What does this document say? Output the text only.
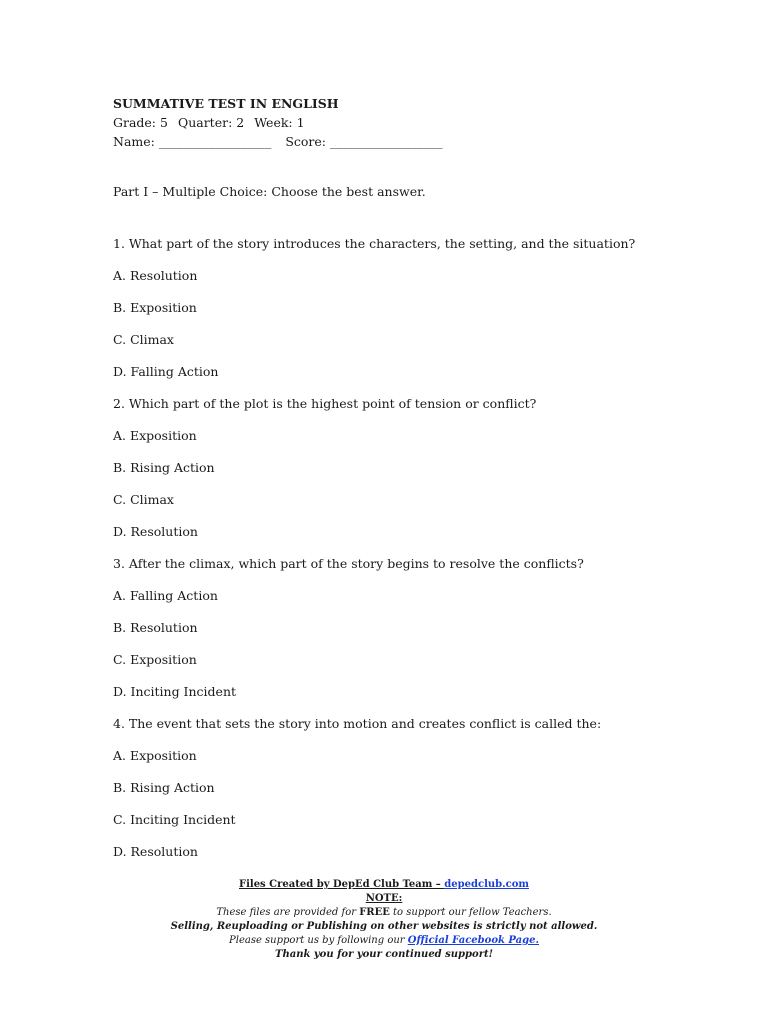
SUMMATIVE TEST IN ENGLISH
Grade: 5 Quarter: 2 Week: 1
Name: __________________ Score: __________________
Part I – Multiple Choice: Choose the best answer.
1. What part of the story introduces the characters, the setting, and the situation?
A. Resolution
B. Exposition
C. Climax
D. Falling Action
2. Which part of the plot is the highest point of tension or conflict?
A. Exposition
B. Rising Action
C. Climax
D. Resolution
3. After the climax, which part of the story begins to resolve the conflicts?
A. Falling Action
B. Resolution
C. Exposition
D. Inciting Incident
4. The event that sets the story into motion and creates conflict is called the:
A. Exposition
B. Rising Action
C. Inciting Incident
D. Resolution
Files Created by DepEd Club Team – depedclub.com
NOTE:
These files are provided for FREE to support our fellow Teachers.
Selling, Reuploading or Publishing on other websites is strictly not allowed.
Please support us by following our Official Facebook Page.
Thank you for your continued support!
